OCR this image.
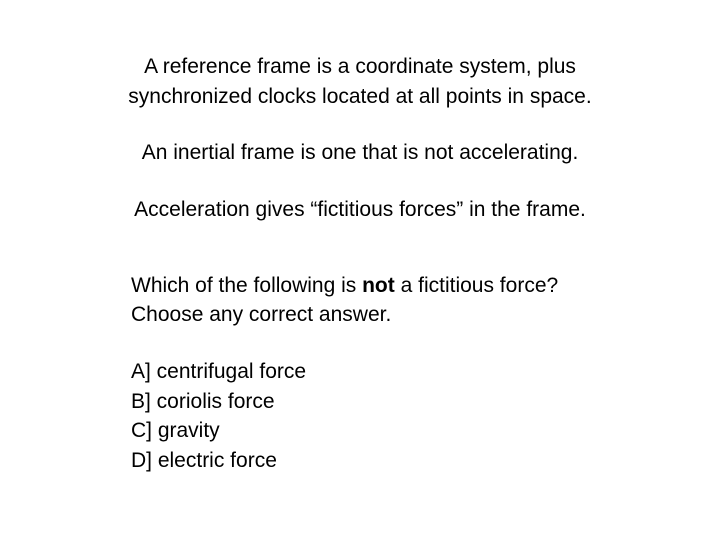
A reference frame is a coordinate system, plus
synchronized clocks located at all points in space.
An inertial frame is one that is not accelerating.
Acceleration gives “fictitious forces” in the frame.
Which of the following is not a fictitious force?
Choose any correct answer.
A] centrifugal force
B] coriolis force
C] gravity
D] electric force
